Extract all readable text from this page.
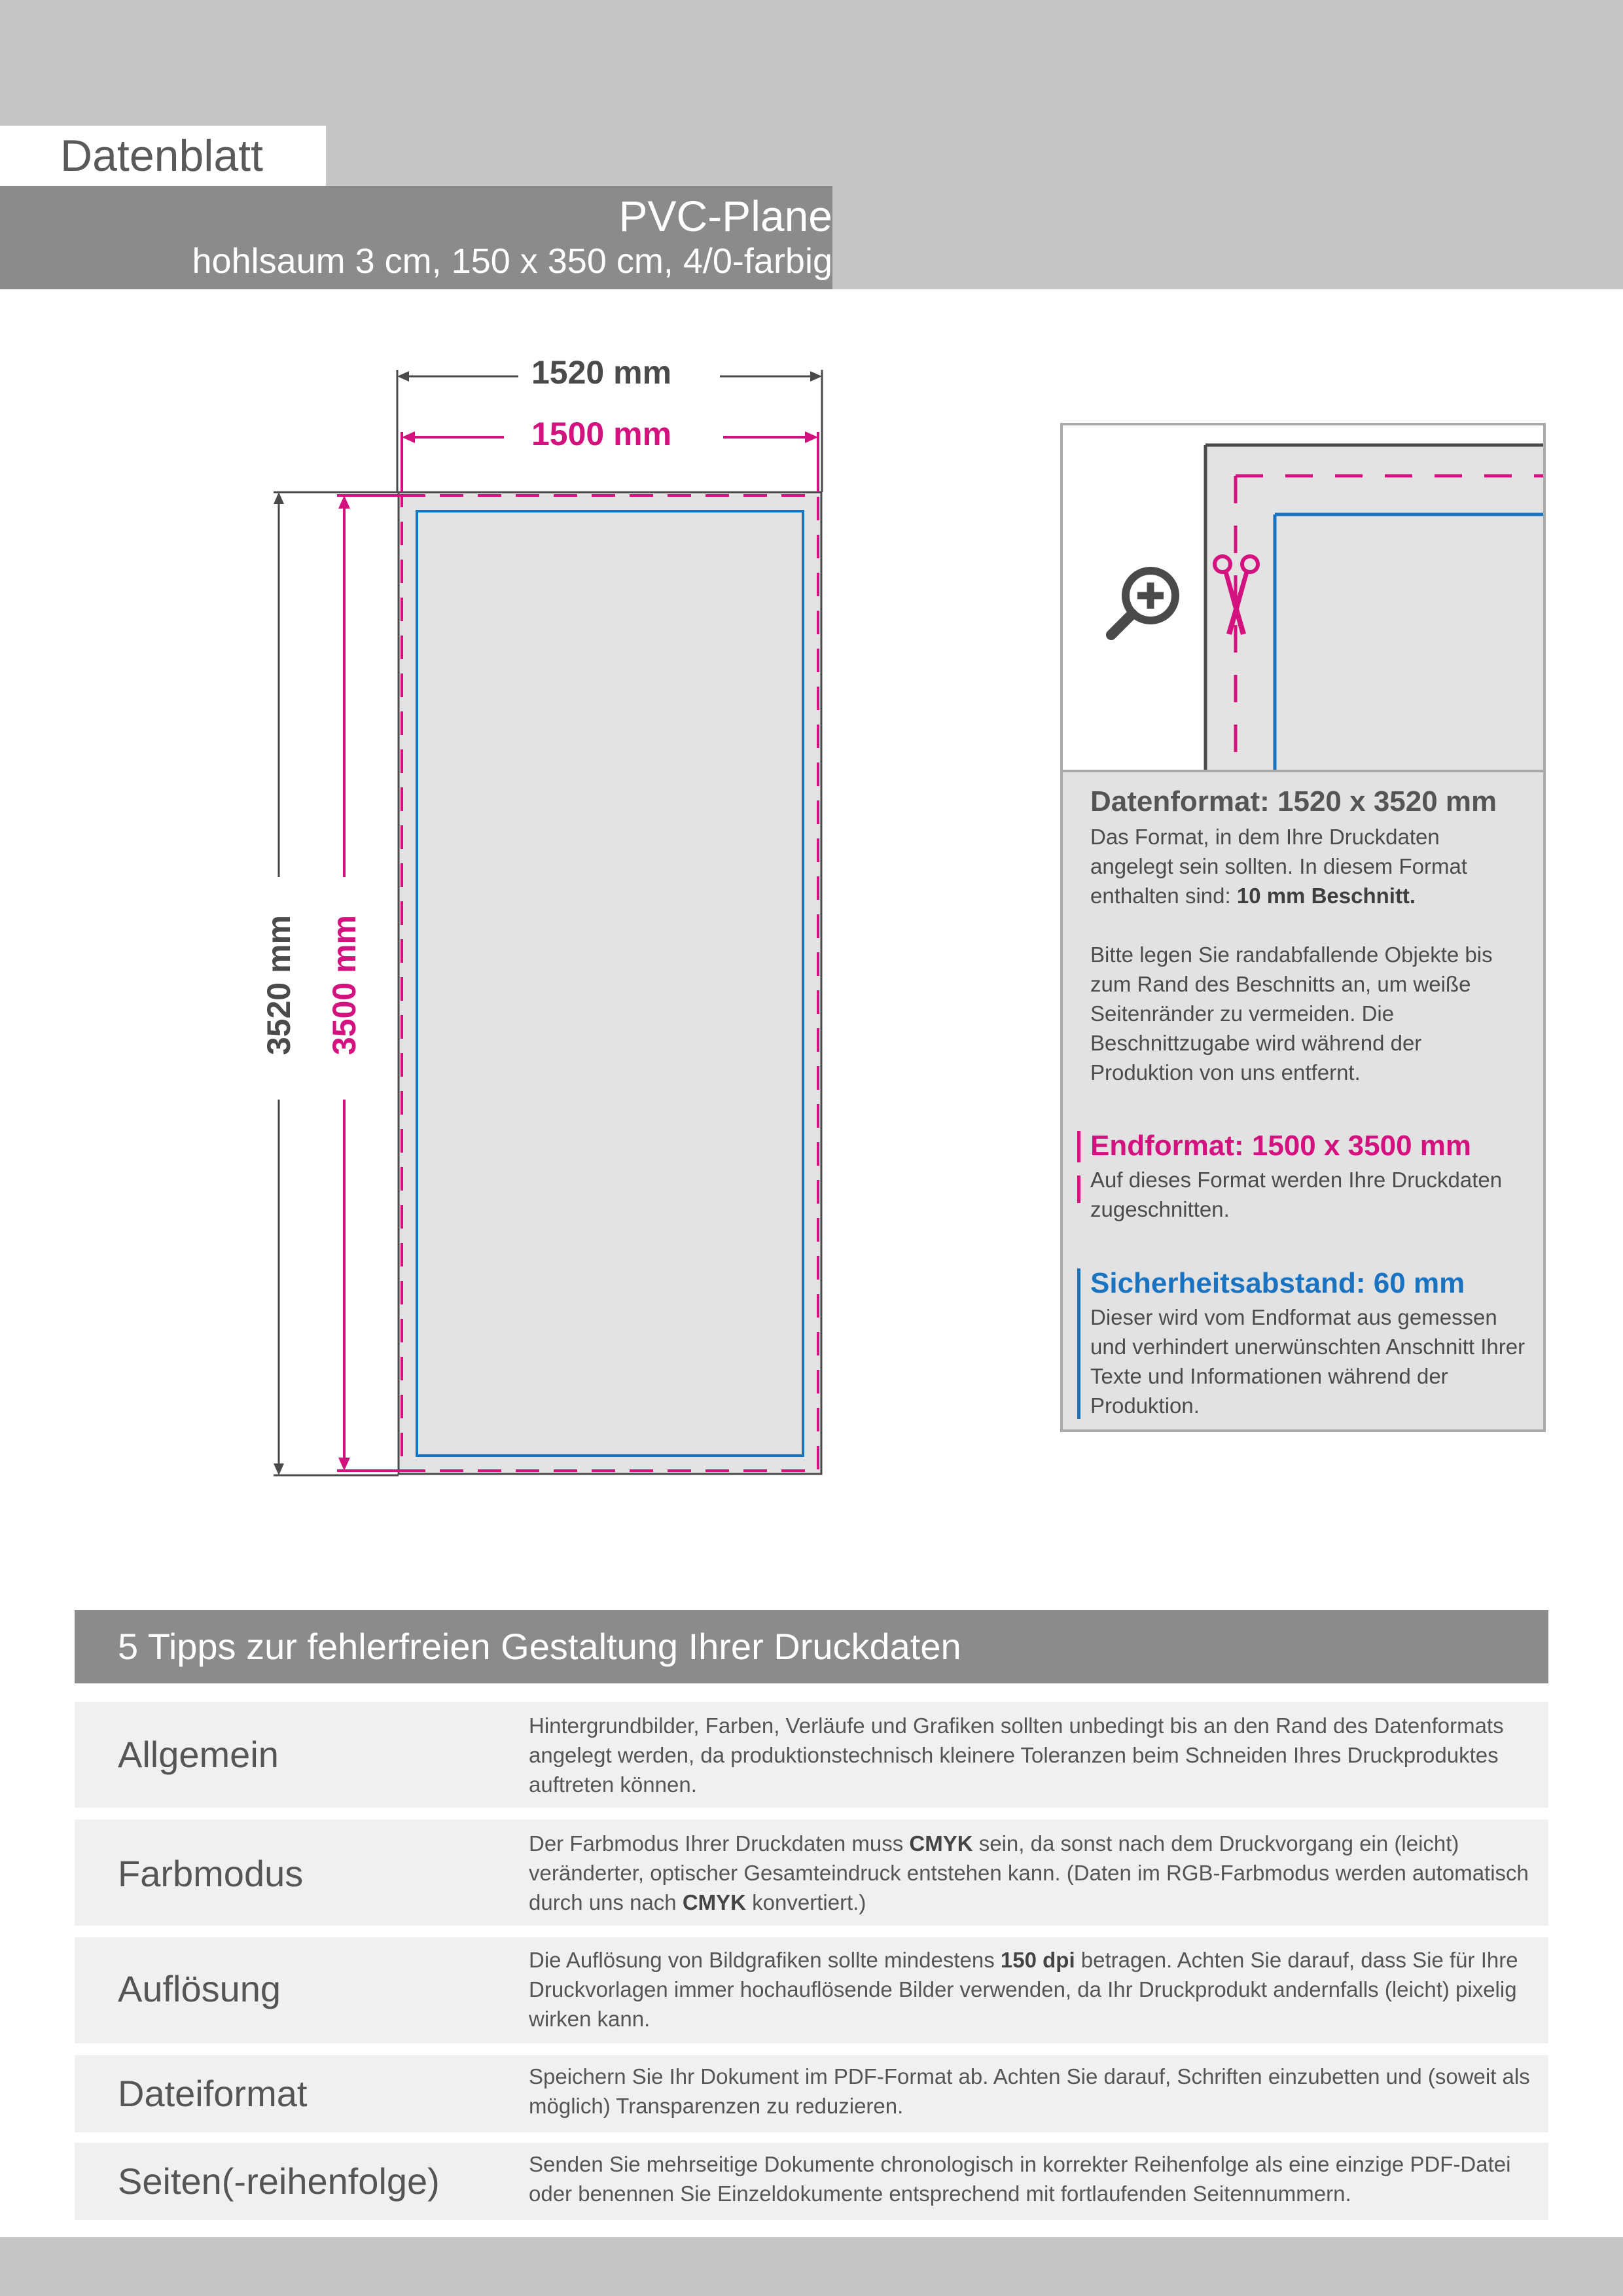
Datenblatt
PVC-Plane
hohlsaum 3 cm, 150 x 350 cm, 4/0-farbig
1520 mm
1500 mm
3520 mm 3500 mm
Datenformat: 1520 x 3520 mm
Das Format, in dem Ihre Druckdaten angelegt sein sollten. In diesem Format enthalten sind: 10 mm Beschnitt.
Bitte legen Sie randabfallende Objekte bis zum Rand des Beschnitts an, um weiße Seitenränder zu vermeiden. Die Beschnittzugabe wird während der Produktion von uns entfernt.
Endformat: 1500 x 3500 mm
Auf dieses Format werden Ihre Druckdaten zugeschnitten.
Sicherheitsabstand: 60 mm
Dieser wird vom Endformat aus gemessen und verhindert unerwünschten Anschnitt Ihrer Texte und Informationen während der Produktion.
5 Tipps zur fehlerfreien Gestaltung Ihrer Druckdaten
Allgemein
Hintergrundbilder, Farben, Verläufe und Grafiken sollten unbedingt bis an den Rand des Datenformats angelegt werden, da produktionstechnisch kleinere Toleranzen beim Schneiden Ihres Druckproduktes auftreten können.
Farbmodus
Der Farbmodus Ihrer Druckdaten muss CMYK sein, da sonst nach dem Druckvorgang ein (leicht) veränderter, optischer Gesamteindruck entstehen kann. (Daten im RGB-Farbmodus werden automatisch durch uns nach CMYK konvertiert.)
Auflösung
Die Auflösung von Bildgrafiken sollte mindestens 150 dpi betragen. Achten Sie darauf, dass Sie für Ihre Druckvorlagen immer hochauflösende Bilder verwenden, da Ihr Druckprodukt andernfalls (leicht) pixelig wirken kann.
Dateiformat	Speichern Sie Ihr Dokument im PDF-Format ab. Achten Sie darauf, Schriften einzubetten und (soweit als möglich) Transparenzen zu reduzieren.
Seiten(-reihenfolge)	Senden Sie mehrseitige Dokumente chronologisch in korrekter Reihenfolge als eine einzige PDF-Datei oder benennen Sie Einzeldokumente entsprechend mit fortlaufenden Seitennummern.
